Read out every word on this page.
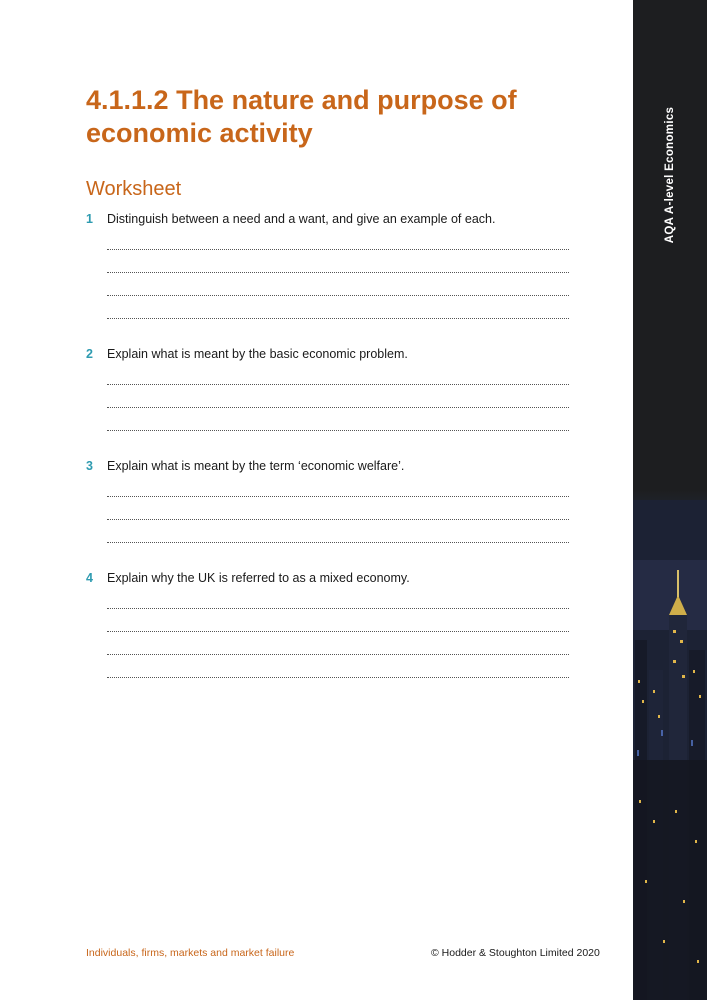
AQA A-level Economics
4.1.1.2 The nature and purpose of economic activity
Worksheet
1	Distinguish between a need and a want, and give an example of each.
2	Explain what is meant by the basic economic problem.
3	Explain what is meant by the term ‘economic welfare’.
4	Explain why the UK is referred to as a mixed economy.
Individuals, firms, markets and market failure	© Hodder & Stoughton Limited 2020
